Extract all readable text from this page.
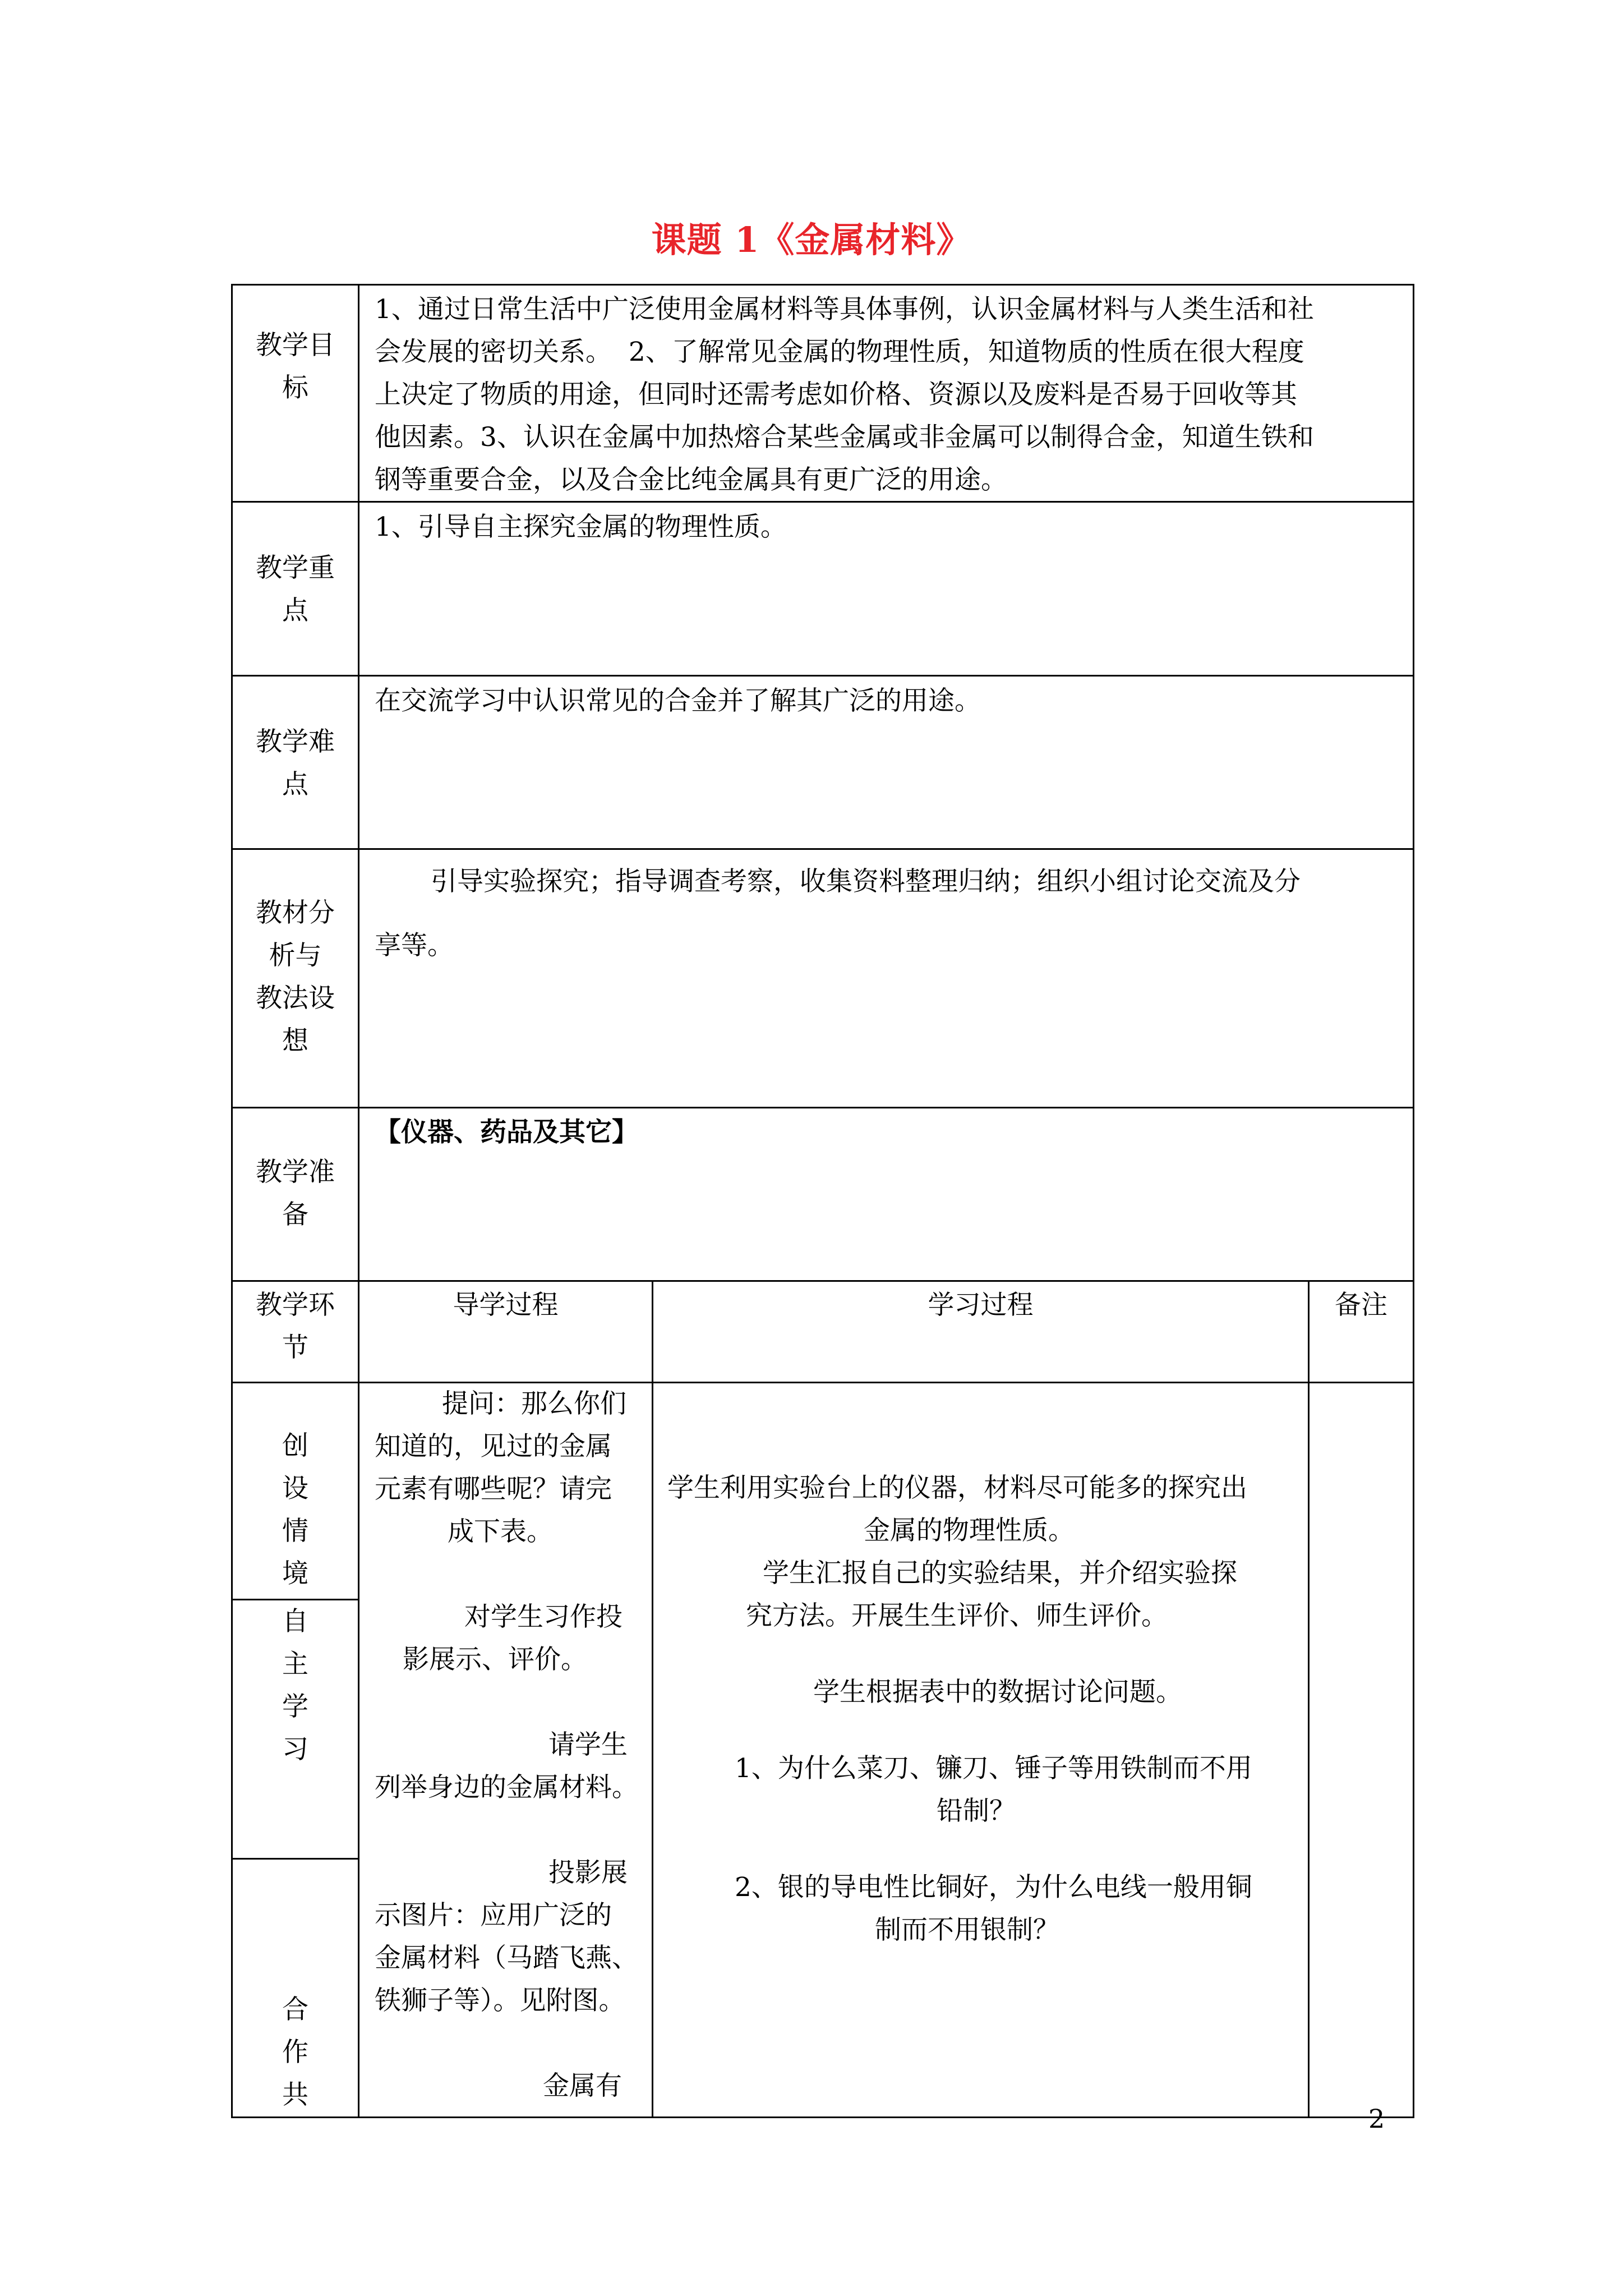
课题 1《金属材料》
教学目
标
1、通过日常生活中广泛使用金属材料等具体事例，认识金属材料与人类生活和社
会发展的密切关系。  2、了解常见金属的物理性质，知道物质的性质在很大程度
上决定了物质的用途，但同时还需考虑如价格、资源以及废料是否易于回收等其
他因素。3、认识在金属中加热熔合某些金属或非金属可以制得合金，知道生铁和
钢等重要合金，以及合金比纯金属具有更广泛的用途。
教学重
点
1、引导自主探究金属的物理性质。
教学难
点
在交流学习中认识常见的合金并了解其广泛的用途。
教材分
析与
教法设
想
引导实验探究；指导调查考察，收集资料整理归纳；组织小组讨论交流及分
享等。
教学准
备
【仪器、药品及其它】
教学环
节
导学过程	学习过程	备注
创
设
情
境
自
主
学
习
合
作
共
提问：那么你们
知道的，见过的金属
元素有哪些呢？请完
成下表。
对学生习作投
影展示、评价。
请学生
列举身边的金属材料。
投影展
示图片：应用广泛的
金属材料（马踏飞燕、
铁狮子等）。见附图。
金属有
学生利用实验台上的仪器，材料尽可能多的探究出
金属的物理性质。
学生汇报自己的实验结果，并介绍实验探
究方法。开展生生评价、师生评价。
学生根据表中的数据讨论问题。
1、为什么菜刀、镰刀、锤子等用铁制而不用
铅制？
2、银的导电性比铜好，为什么电线一般用铜
制而不用银制？
2
